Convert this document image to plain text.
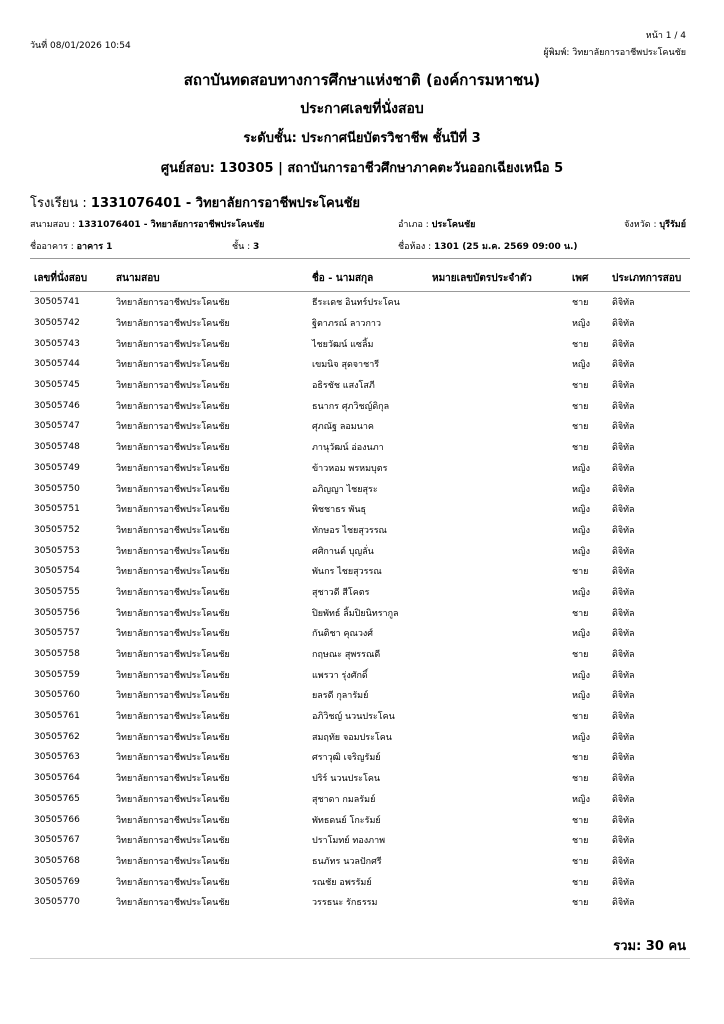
วันที่ 08/01/2026 10:54
หน้า 1 / 4
ผู้พิมพ์: วิทยาลัยการอาชีพประโคนชัย
สถาบันทดสอบทางการศึกษาแห่งชาติ (องค์การมหาชน)
ประกาศเลขที่นั่งสอบ
ระดับชั้น: ประกาศนียบัตรวิชาชีพ ชั้นปีที่ 3
ศูนย์สอบ: 130305 | สถาบันการอาชีวศึกษาภาคตะวันออกเฉียงเหนือ 5
โรงเรียน : 1331076401 - วิทยาลัยการอาชีพประโคนชัย
สนามสอบ : 1331076401 - วิทยาลัยการอาชีพประโคนชัย	อำเภอ : ประโคนชัย	จังหวัด : บุรีรัมย์
ชื่ออาคาร : อาคาร 1	ชั้น : 3	ชื่อห้อง : 1301 (25 ม.ค. 2569 09:00 น.)
เลขที่นั่งสอบ	สนามสอบ	ชื่อ - นามสกุล	หมายเลขบัตรประจำตัว	เพศ	ประเภทการสอบ
30505741	วิทยาลัยการอาชีพประโคนชัย	ธีระเดช อินทร์ประโคน		ชาย	ดิจิทัล
30505742	วิทยาลัยการอาชีพประโคนชัย	ฐิตาภรณ์ ลาวกาว		หญิง	ดิจิทัล
30505743	วิทยาลัยการอาชีพประโคนชัย	ไชยวัฒน์ แซลิ้ม		ชาย	ดิจิทัล
30505744	วิทยาลัยการอาชีพประโคนชัย	เขมนิจ สุดจาชารี		หญิง	ดิจิทัล
30505745	วิทยาลัยการอาชีพประโคนชัย	อธิรชัช แสงโสภี		ชาย	ดิจิทัล
30505746	วิทยาลัยการอาชีพประโคนชัย	ธนากร ศุภวิชญ์ดิกุล		ชาย	ดิจิทัล
30505747	วิทยาลัยการอาชีพประโคนชัย	ศุภณัฐ ลอมนาค		ชาย	ดิจิทัล
30505748	วิทยาลัยการอาชีพประโคนชัย	ภานุวัฒน์ อ่องนภา		ชาย	ดิจิทัล
30505749	วิทยาลัยการอาชีพประโคนชัย	ข้าวหอม พรหมบุตร		หญิง	ดิจิทัล
30505750	วิทยาลัยการอาชีพประโคนชัย	อภิญญา ไชยสุระ		หญิง	ดิจิทัล
30505751	วิทยาลัยการอาชีพประโคนชัย	พิชชาธร พันธุ		หญิง	ดิจิทัล
30505752	วิทยาลัยการอาชีพประโคนชัย	ทักษอร ไชยสุวรรณ		หญิง	ดิจิทัล
30505753	วิทยาลัยการอาชีพประโคนชัย	ศศิกานต์ บุญลั่น		หญิง	ดิจิทัล
30505754	วิทยาลัยการอาชีพประโคนชัย	พันกร ไชยสุวรรณ		ชาย	ดิจิทัล
30505755	วิทยาลัยการอาชีพประโคนชัย	สุชาวดี สีโคตร		หญิง	ดิจิทัล
30505756	วิทยาลัยการอาชีพประโคนชัย	ปิยพัทธ์ ลิ้มปิยนิทรากูล		ชาย	ดิจิทัล
30505757	วิทยาลัยการอาชีพประโคนชัย	กันติชา คุณวงศ์		หญิง	ดิจิทัล
30505758	วิทยาลัยการอาชีพประโคนชัย	กฤษณะ สุพรรณดี		ชาย	ดิจิทัล
30505759	วิทยาลัยการอาชีพประโคนชัย	แพรวา รุ่งศักดิ์		หญิง	ดิจิทัล
30505760	วิทยาลัยการอาชีพประโคนชัย	ยลรดี กุลารัมย์		หญิง	ดิจิทัล
30505761	วิทยาลัยการอาชีพประโคนชัย	อภิวิชญ์ นวนประโคน		ชาย	ดิจิทัล
30505762	วิทยาลัยการอาชีพประโคนชัย	สมฤทัย จอมประโคน		หญิง	ดิจิทัล
30505763	วิทยาลัยการอาชีพประโคนชัย	ศราวุฒิ เจริญรัมย์		ชาย	ดิจิทัล
30505764	วิทยาลัยการอาชีพประโคนชัย	ปริร์ นวนประโคน		ชาย	ดิจิทัล
30505765	วิทยาลัยการอาชีพประโคนชัย	สุชาดา กมลรัมย์		หญิง	ดิจิทัล
30505766	วิทยาลัยการอาชีพประโคนชัย	พัทธดนย์ โกะรัมย์		ชาย	ดิจิทัล
30505767	วิทยาลัยการอาชีพประโคนชัย	ปราโมทย์ ทองภาพ		ชาย	ดิจิทัล
30505768	วิทยาลัยการอาชีพประโคนชัย	ธนภัทร นวลปักศรี		ชาย	ดิจิทัล
30505769	วิทยาลัยการอาชีพประโคนชัย	รณชัย อพรรัมย์		ชาย	ดิจิทัล
30505770	วิทยาลัยการอาชีพประโคนชัย	วรรธนะ รักธรรม		ชาย	ดิจิทัล
รวม: 30 คน
